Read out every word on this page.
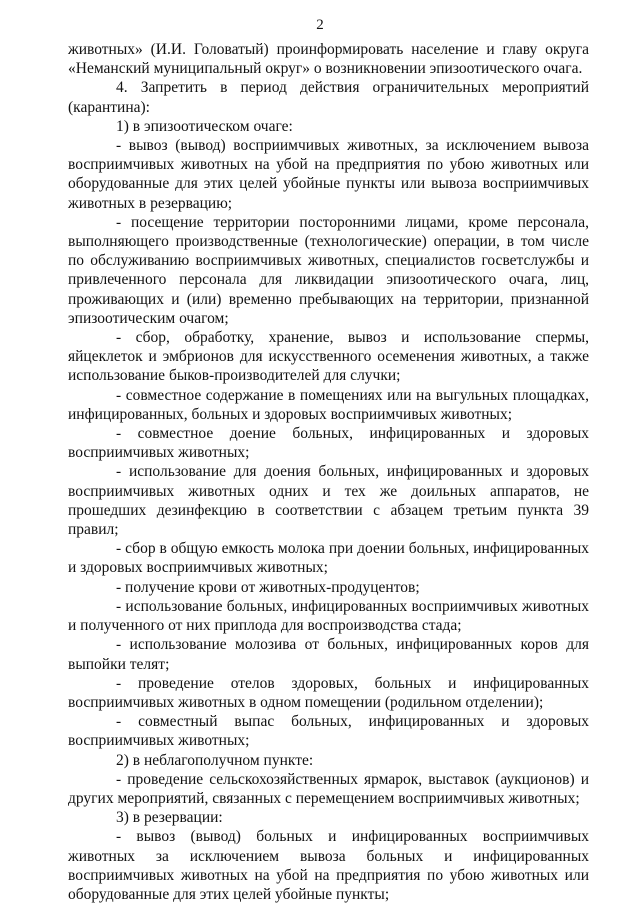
2

животных» (И.И. Головатый) проинформировать население и главу округа «Неманский муниципальный округ» о возникновении эпизоотического очага.

4. Запретить в период действия ограничительных мероприятий (карантина):

1) в эпизоотическом очаге:

- вывоз (вывод) восприимчивых животных, за исключением вывоза восприимчивых животных на убой на предприятия по убою животных или оборудованные для этих целей убойные пункты или вывоза восприимчивых животных в резервацию;

- посещение территории посторонними лицами, кроме персонала, выполняющего производственные (технологические) операции, в том числе по обслуживанию восприимчивых животных, специалистов госветслужбы и привлеченного персонала для ликвидации эпизоотического очага, лиц, проживающих и (или) временно пребывающих на территории, признанной эпизоотическим очагом;

- сбор, обработку, хранение, вывоз и использование спермы, яйцеклеток и эмбрионов для искусственного осеменения животных, а также использование быков-производителей для случки;

- совместное содержание в помещениях или на выгульных площадках, инфицированных, больных и здоровых восприимчивых животных;

- совместное доение больных, инфицированных и здоровых восприимчивых животных;

- использование для доения больных, инфицированных и здоровых восприимчивых животных одних и тех же доильных аппаратов, не прошедших дезинфекцию в соответствии с абзацем третьим пункта 39 правил;

- сбор в общую емкость молока при доении больных, инфицированных и здоровых восприимчивых животных;

- получение крови от животных-продуцентов;

- использование больных, инфицированных восприимчивых животных и полученного от них приплода для воспроизводства стада;

- использование молозива от больных, инфицированных коров для выпойки телят;

- проведение отелов здоровых, больных и инфицированных восприимчивых животных в одном помещении (родильном отделении);

- совместный выпас больных, инфицированных и здоровых восприимчивых животных;

2) в неблагополучном пункте:

- проведение сельскохозяйственных ярмарок, выставок (аукционов) и других мероприятий, связанных с перемещением восприимчивых животных;

3) в резервации:

- вывоз (вывод) больных и инфицированных восприимчивых животных за исключением вывоза больных и инфицированных восприимчивых животных на убой на предприятия по убою животных или оборудованные для этих целей убойные пункты;
